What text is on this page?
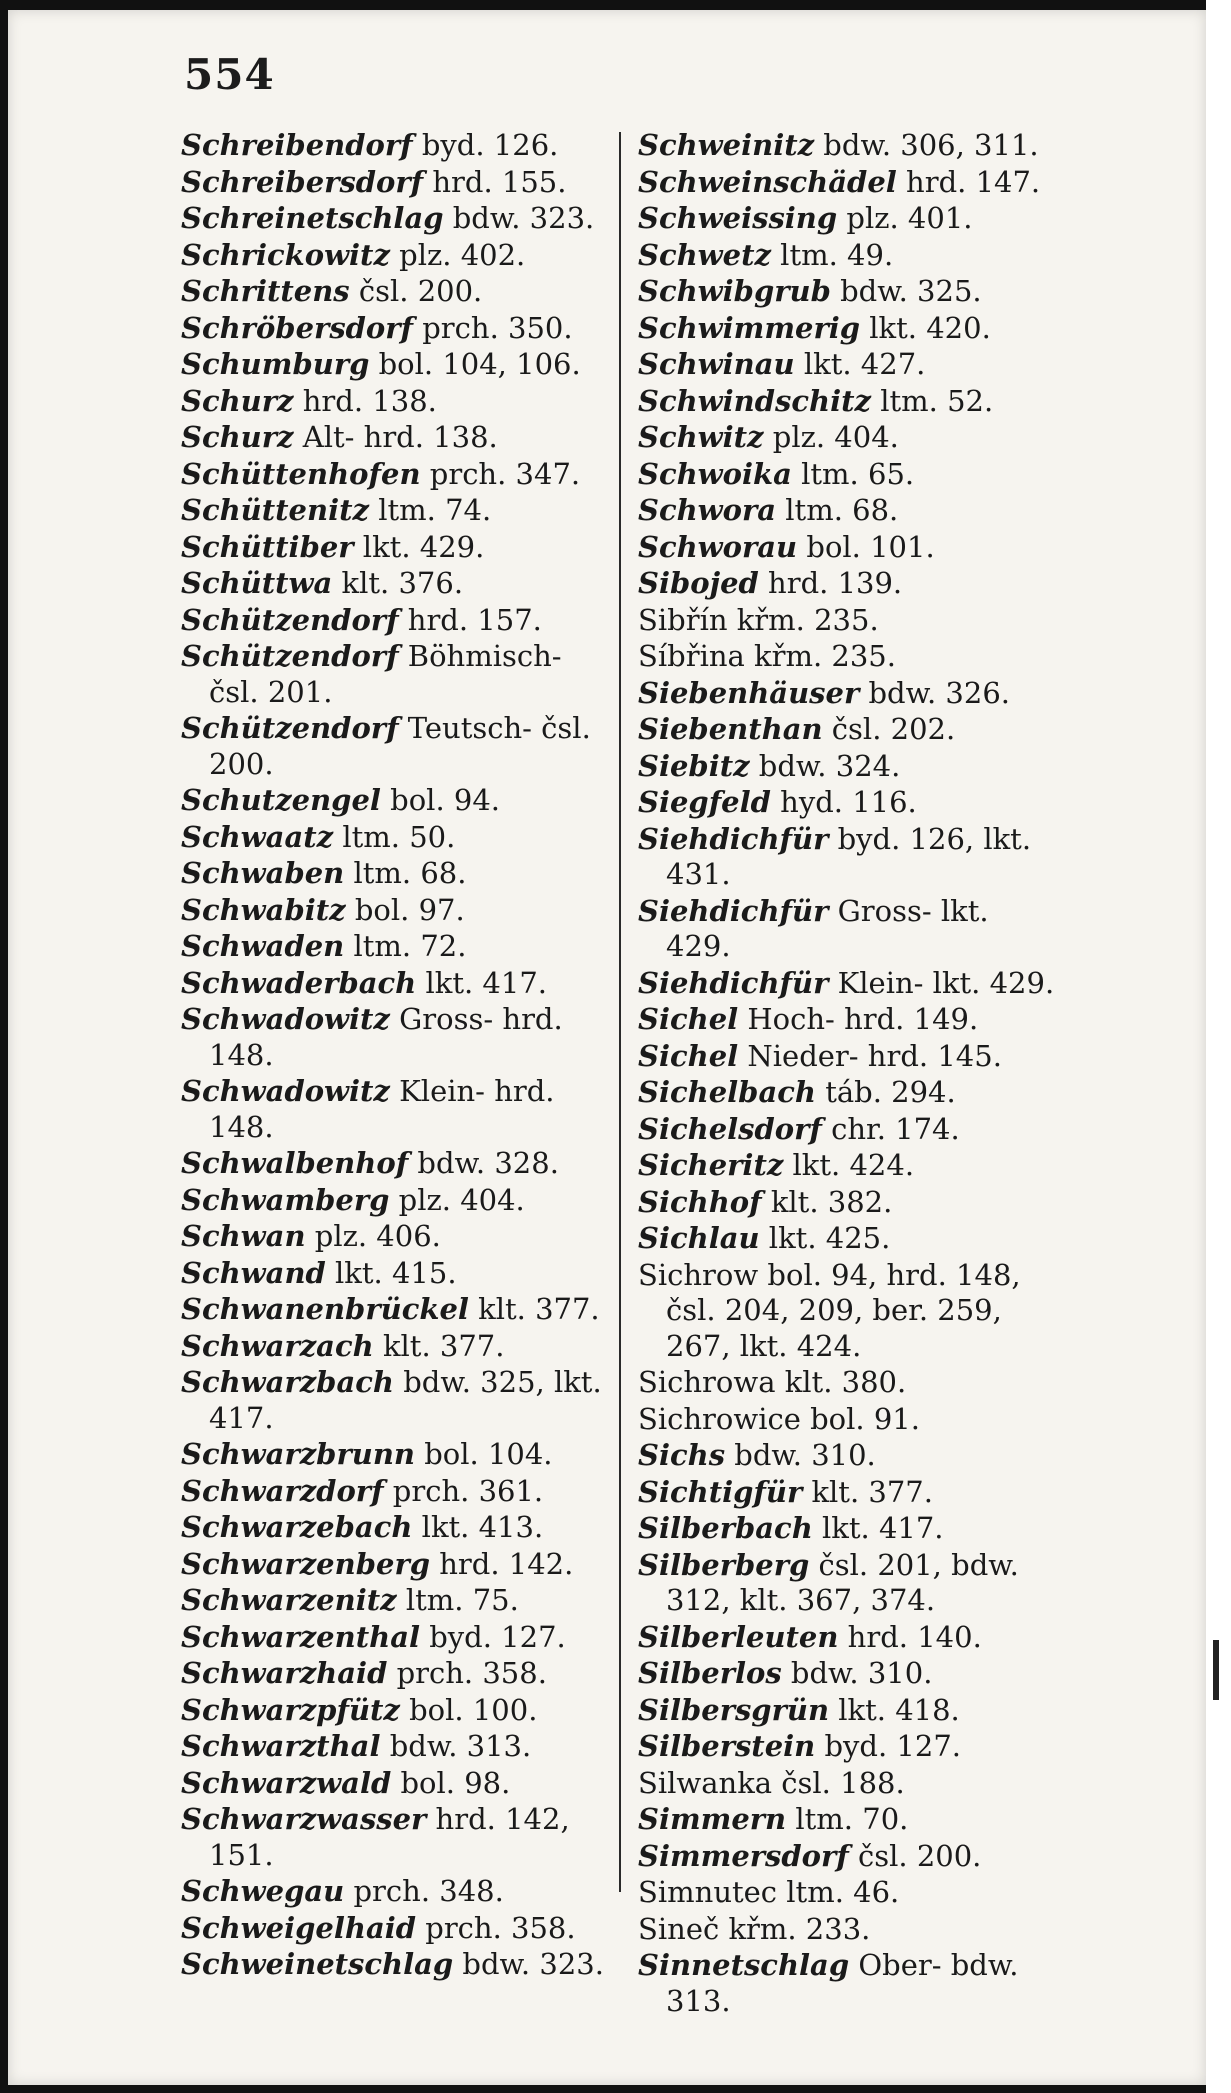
554
Schreibendorf byd. 126.
Schreibersdorf hrd. 155.
Schreinetschlag bdw. 323.
Schrickowitz plz. 402.
Schrittens čsl. 200.
Schröbersdorf prch. 350.
Schumburg bol. 104, 106.
Schurz hrd. 138.
Schurz Alt- hrd. 138.
Schüttenhofen prch. 347.
Schüttenitz ltm. 74.
Schüttiber lkt. 429.
Schüttwa klt. 376.
Schützendorf hrd. 157.
Schützendorf Böhmisch-
čsl. 201.
Schützendorf Teutsch- čsl.
200.
Schutzengel bol. 94.
Schwaatz ltm. 50.
Schwaben ltm. 68.
Schwabitz bol. 97.
Schwaden ltm. 72.
Schwaderbach lkt. 417.
Schwadowitz Gross- hrd.
148.
Schwadowitz Klein- hrd.
148.
Schwalbenhof bdw. 328.
Schwamberg plz. 404.
Schwan plz. 406.
Schwand lkt. 415.
Schwanenbrückel klt. 377.
Schwarzach klt. 377.
Schwarzbach bdw. 325, lkt.
417.
Schwarzbrunn bol. 104.
Schwarzdorf prch. 361.
Schwarzebach lkt. 413.
Schwarzenberg hrd. 142.
Schwarzenitz ltm. 75.
Schwarzenthal byd. 127.
Schwarzhaid prch. 358.
Schwarzpfütz bol. 100.
Schwarzthal bdw. 313.
Schwarzwald bol. 98.
Schwarzwasser hrd. 142,
151.
Schwegau prch. 348.
Schweigelhaid prch. 358.
Schweinetschlag bdw. 323.
Schweinitz bdw. 306, 311.
Schweinschädel hrd. 147.
Schweissing plz. 401.
Schwetz ltm. 49.
Schwibgrub bdw. 325.
Schwimmerig lkt. 420.
Schwinau lkt. 427.
Schwindschitz ltm. 52.
Schwitz plz. 404.
Schwoika ltm. 65.
Schwora ltm. 68.
Schworau bol. 101.
Sibojed hrd. 139.
Sibřín křm. 235.
Síbřina křm. 235.
Siebenhäuser bdw. 326.
Siebenthan čsl. 202.
Siebitz bdw. 324.
Siegfeld hyd. 116.
Siehdichfür byd. 126, lkt.
431.
Siehdichfür Gross- lkt.
429.
Siehdichfür Klein- lkt. 429.
Sichel Hoch- hrd. 149.
Sichel Nieder- hrd. 145.
Sichelbach táb. 294.
Sichelsdorf chr. 174.
Sicheritz lkt. 424.
Sichhof klt. 382.
Sichlau lkt. 425.
Sichrow bol. 94, hrd. 148,
čsl. 204, 209, ber. 259,
267, lkt. 424.
Sichrowa klt. 380.
Sichrowice bol. 91.
Sichs bdw. 310.
Sichtigfür klt. 377.
Silberbach lkt. 417.
Silberberg čsl. 201, bdw.
312, klt. 367, 374.
Silberleuten hrd. 140.
Silberlos bdw. 310.
Silbersgrün lkt. 418.
Silberstein byd. 127.
Silwanka čsl. 188.
Simmern ltm. 70.
Simmersdorf čsl. 200.
Simnutec ltm. 46.
Sineč křm. 233.
Sinnetschlag Ober- bdw.
313.
